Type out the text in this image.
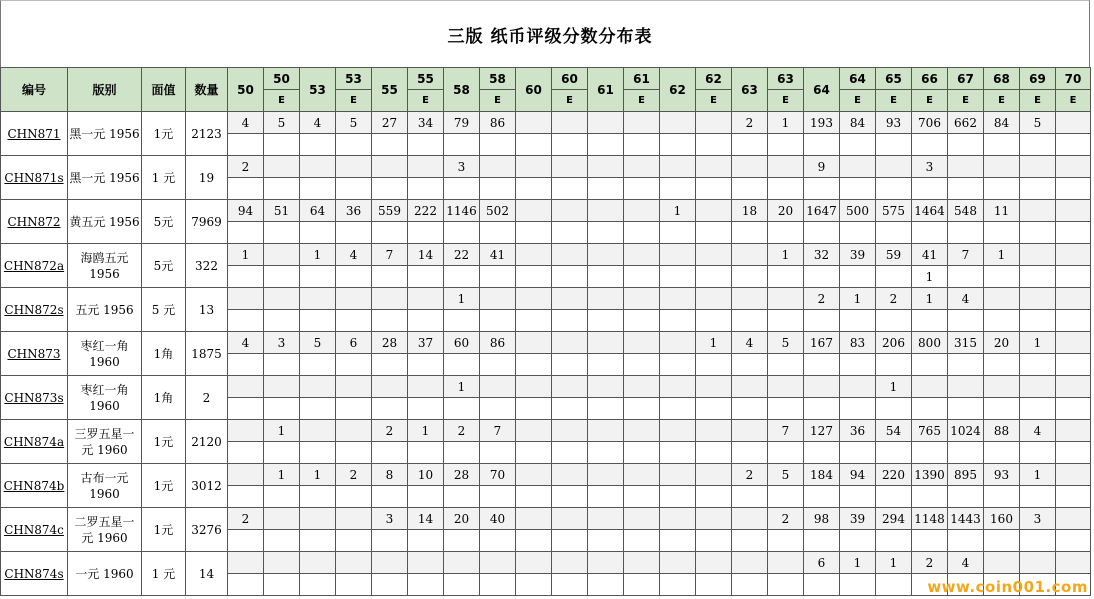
三版 纸币评级分数分布表
编号	版别	面值	数量	50	50	53	53	55	55	58	58	60	60	61	61	62	62	63	63	64	64	65	66	67	68	69	70
					E		E		E		E		E		E		E		E		E	E	E	E	E	E	E
CHN871	黑一元 1956	1元	2123	4	5	4	5	27	34	79	86							2	1	193	84	93	706	662	84	5	

CHN871s	黑一元 1956	1 元	19	2						3										9			3				

CHN872	黄五元 1956	5元	7969	94	51	64	36	559	222	1146	502					1		18	20	1647	500	575	1464	548	11		

CHN872a	海鸥五元 1956	5元	322	1		1	4	7	14	22	41								1	32	39	59	41	7	1		
																							1				
CHN872s	五元 1956	5 元	13							1										2	1	2	1	4			

CHN873	枣红一角 1960	1角	1875	4	3	5	6	28	37	60	86						1	4	5	167	83	206	800	315	20	1	

CHN873s	枣红一角 1960	1角	2							1												1					

CHN874a	三罗五星一 元 1960	1元	2120		1			2	1	2	7								7	127	36	54	765	1024	88	4	

CHN874b	古布一元 1960	1元	3012		1	1	2	8	10	28	70							2	5	184	94	220	1390	895	93	1	

CHN874c	二罗五星一 元 1960	1元	3276	2				3	14	20	40								2	98	39	294	1148	1443	160	3	

CHN874s	一元 1960	1 元	14																	6	1	1	2	4			

www.coin001.com
